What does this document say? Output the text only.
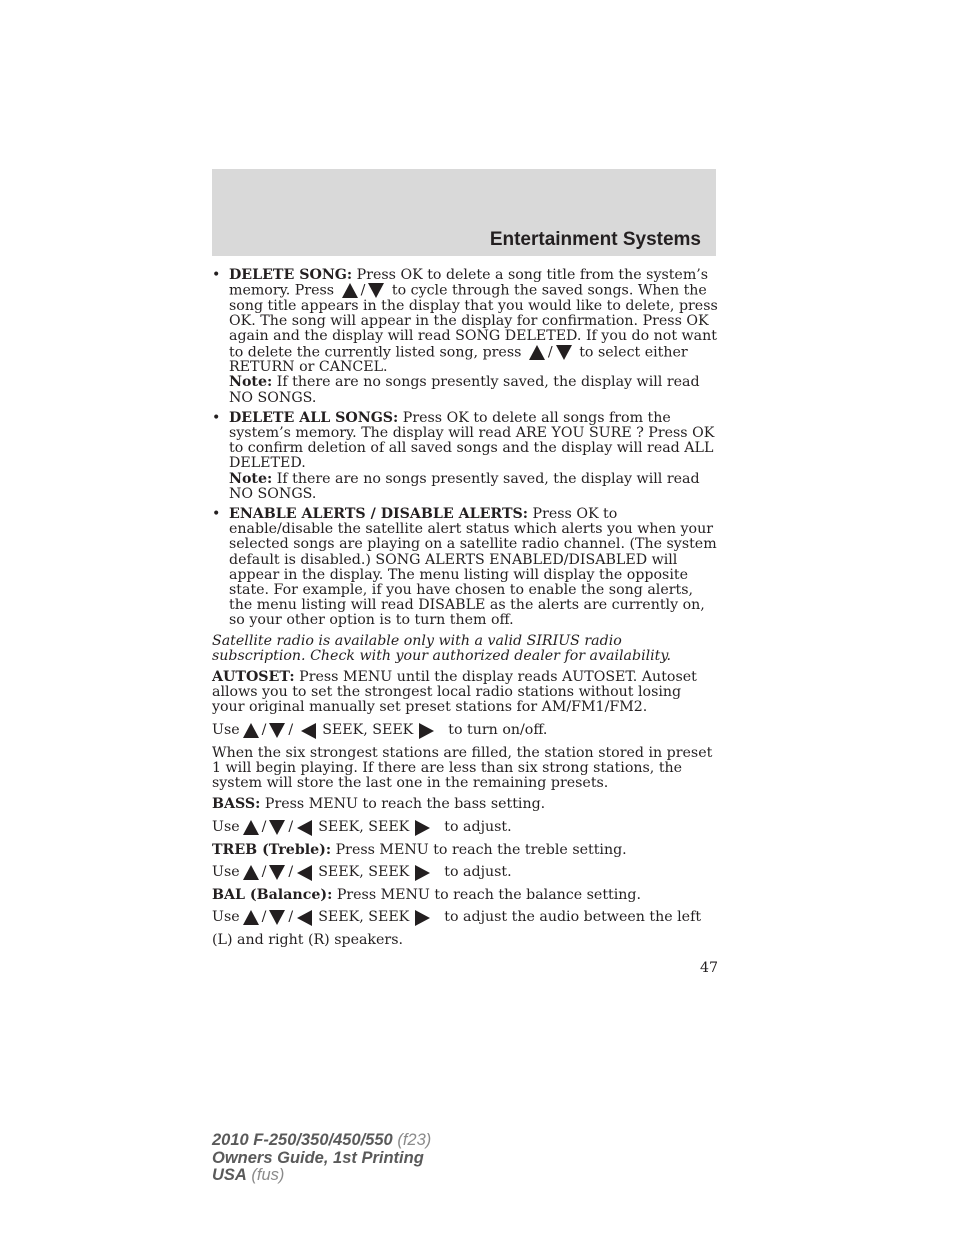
Entertainment Systems
• DELETE SONG: Press OK to delete a song title from the system’s memory. Press / to cycle through the saved songs. When the song title appears in the display that you would like to delete, press OK. The song will appear in the display for confirmation. Press OK again and the display will read SONG DELETED. If you do not want to delete the currently listed song, press / to select either RETURN or CANCEL.
Note: If there are no songs presently saved, the display will read NO SONGS.
• DELETE ALL SONGS: Press OK to delete all songs from the system’s memory. The display will read ARE YOU SURE ? Press OK to confirm deletion of all saved songs and the display will read ALL DELETED.
Note: If there are no songs presently saved, the display will read NO SONGS.
• ENABLE ALERTS / DISABLE ALERTS: Press OK to enable/disable the satellite alert status which alerts you when your selected songs are playing on a satellite radio channel. (The system default is disabled.) SONG ALERTS ENABLED/DISABLED will appear in the display. The menu listing will display the opposite state. For example, if you have chosen to enable the song alerts, the menu listing will read DISABLE as the alerts are currently on, so your other option is to turn them off.

Satellite radio is available only with a valid SIRIUS radio subscription. Check with your authorized dealer for availability.

AUTOSET: Press MENU until the display reads AUTOSET. Autoset allows you to set the strongest local radio stations without losing your original manually set preset stations for AM/FM1/FM2.

Use / / SEEK, SEEK to turn on/off.

When the six strongest stations are filled, the station stored in preset 1 will begin playing. If there are less than six strong stations, the system will store the last one in the remaining presets.

BASS: Press MENU to reach the bass setting.

Use / / SEEK, SEEK to adjust.

TREB (Treble): Press MENU to reach the treble setting.

Use / / SEEK, SEEK to adjust.

BAL (Balance): Press MENU to reach the balance setting.

Use / / SEEK, SEEK to adjust the audio between the left

(L) and right (R) speakers.

47
2010 F-250/350/450/550 (f23)
Owners Guide, 1st Printing
USA (fus)
